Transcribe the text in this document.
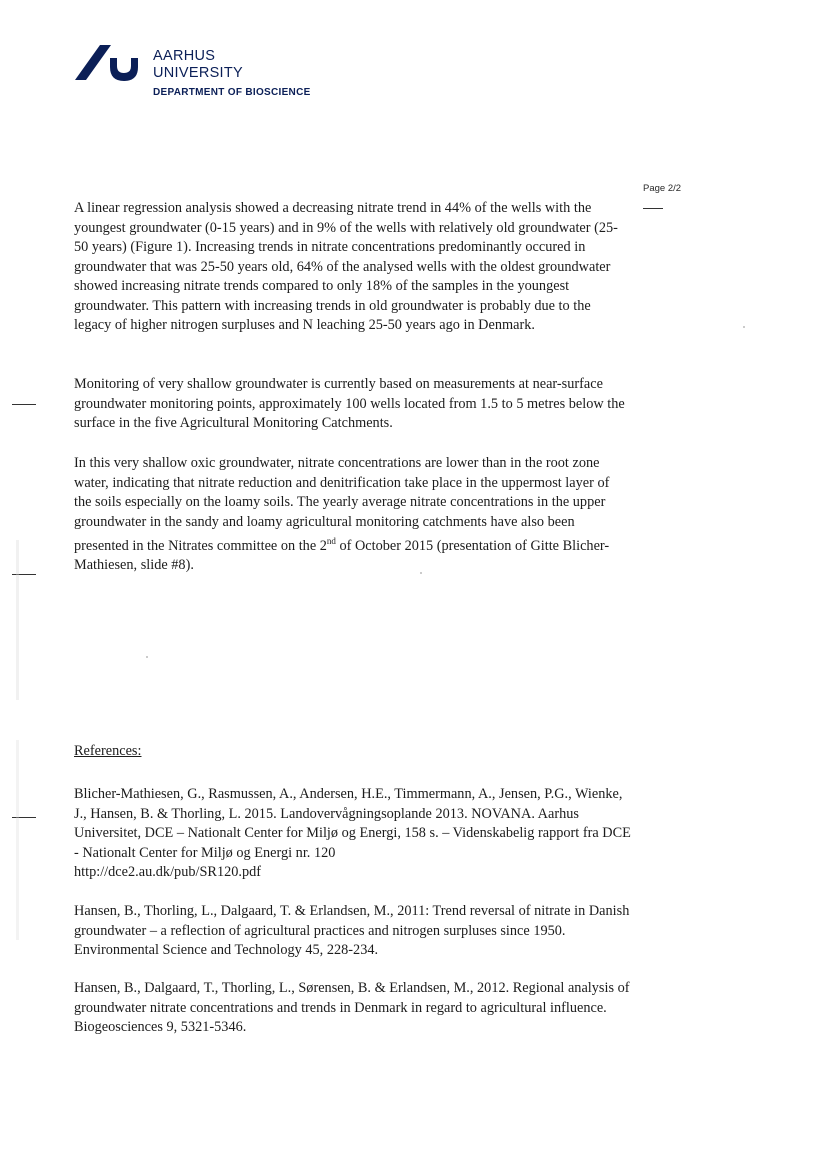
AARHUS
UNIVERSITY
DEPARTMENT OF BIOSCIENCE
Page 2/2

A linear regression analysis showed a decreasing nitrate trend in 44% of the wells with the youngest groundwater (0-15 years) and in 9% of the wells with relatively old groundwater (25-50 years) (Figure 1). Increasing trends in nitrate concentrations predominantly occured in groundwater that was 25-50 years old, 64% of the analysed wells with the oldest groundwater showed increasing nitrate trends compared to only 18% of the samples in the youngest groundwater. This pattern with increasing trends in old groundwater is probably due to the legacy of higher nitrogen surpluses and N leaching 25-50 years ago in Denmark.

Monitoring of very shallow groundwater is currently based on measurements at near-surface groundwater monitoring points, approximately 100 wells located from 1.5 to 5 metres below the surface in the five Agricultural Monitoring Catchments.

In this very shallow oxic groundwater, nitrate concentrations are lower than in the root zone water, indicating that nitrate reduction and denitrification take place in the uppermost layer of the soils especially on the loamy soils. The yearly average nitrate concentrations in the upper groundwater in the sandy and loamy agricultural monitoring catchments have also been presented in the Nitrates committee on the 2nd of October 2015 (presentation of Gitte Blicher-Mathiesen, slide #8).

References:
Blicher-Mathiesen, G., Rasmussen, A., Andersen, H.E., Timmermann, A., Jensen, P.G., Wienke, J., Hansen, B. & Thorling, L. 2015. Landovervågningsoplande 2013. NOVANA. Aarhus Universitet, DCE – Nationalt Center for Miljø og Energi, 158 s. – Videnskabelig rapport fra DCE - Nationalt Center for Miljø og Energi nr. 120
http://dce2.au.dk/pub/SR120.pdf
Hansen, B., Thorling, L., Dalgaard, T. & Erlandsen, M., 2011: Trend reversal of nitrate in Danish groundwater – a reflection of agricultural practices and nitrogen surpluses since 1950. Environmental Science and Technology 45, 228-234.
Hansen, B., Dalgaard, T., Thorling, L., Sørensen, B. & Erlandsen, M., 2012. Regional analysis of groundwater nitrate concentrations and trends in Denmark in regard to agricultural influence. Biogeosciences 9, 5321-5346.
